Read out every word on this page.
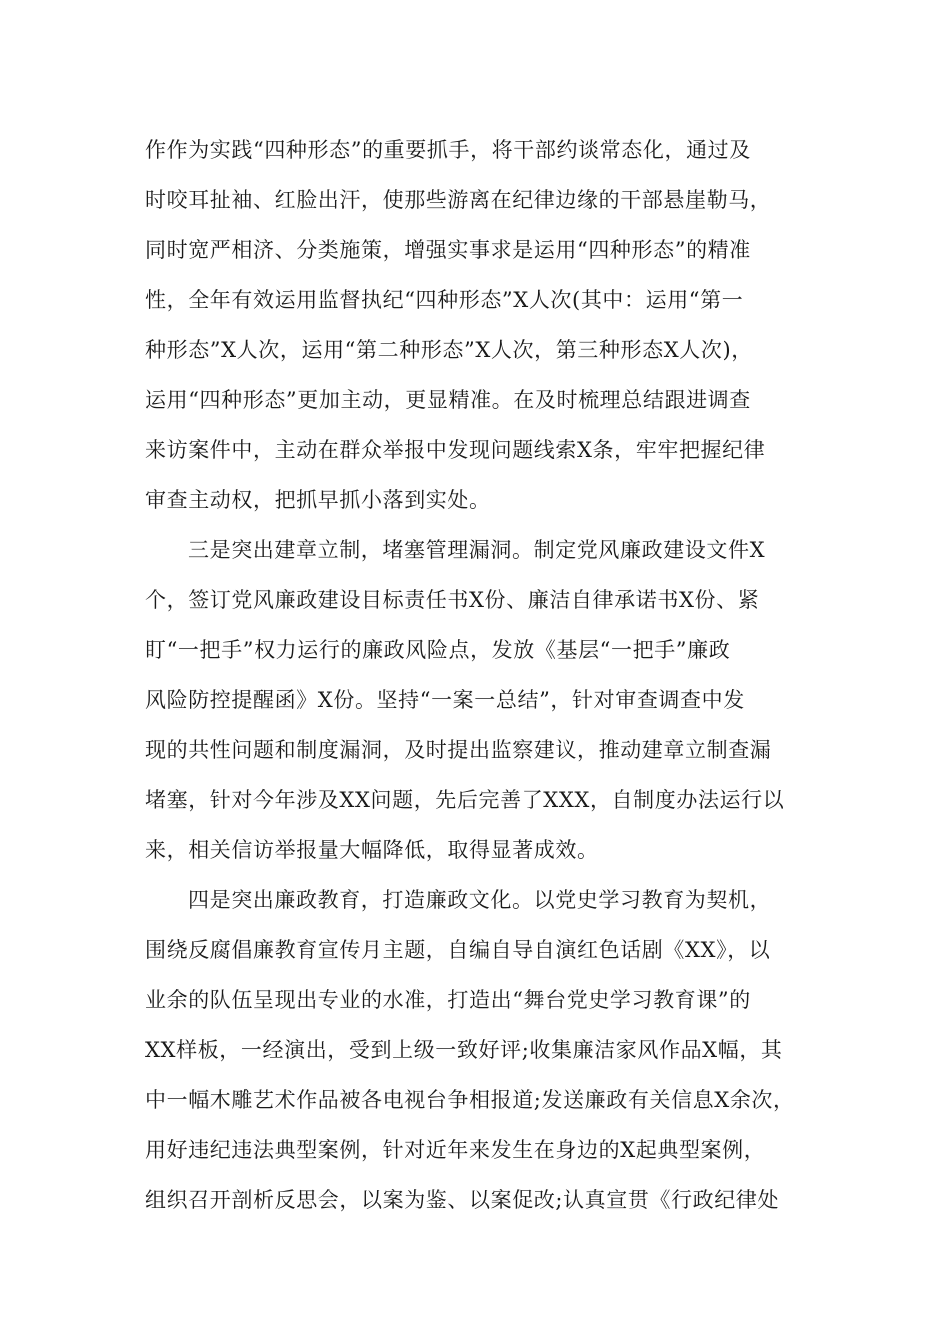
作作为实践“四种形态”的重要抓手，将干部约谈常态化，通过及
时咬耳扯袖、红脸出汗，使那些游离在纪律边缘的干部悬崖勒马，
同时宽严相济、分类施策，增强实事求是运用“四种形态”的精准
性，全年有效运用监督执纪“四种形态”X人次(其中：运用“第一
种形态”X人次，运用“第二种形态”X人次，第三种形态X人次)，
运用“四种形态”更加主动，更显精准。在及时梳理总结跟进调查
来访案件中，主动在群众举报中发现问题线索X条，牢牢把握纪律
审查主动权，把抓早抓小落到实处。
三是突出建章立制，堵塞管理漏洞。制定党风廉政建设文件X
个，签订党风廉政建设目标责任书X份、廉洁自律承诺书X份、紧
盯“一把手”权力运行的廉政风险点，发放《基层“一把手”廉政
风险防控提醒函》X份。坚持“一案一总结”，针对审查调查中发
现的共性问题和制度漏洞，及时提出监察建议，推动建章立制查漏
堵塞，针对今年涉及XX问题，先后完善了XXX，自制度办法运行以
来，相关信访举报量大幅降低，取得显著成效。
四是突出廉政教育，打造廉政文化。以党史学习教育为契机，
围绕反腐倡廉教育宣传月主题，自编自导自演红色话剧《XX》，以
业余的队伍呈现出专业的水准，打造出“舞台党史学习教育课”的
XX样板，一经演出，受到上级一致好评;收集廉洁家风作品X幅，其
中一幅木雕艺术作品被各电视台争相报道;发送廉政有关信息X余次，
用好违纪违法典型案例，针对近年来发生在身边的X起典型案例，
组织召开剖析反思会，以案为鉴、以案促改;认真宣贯《行政纪律处
